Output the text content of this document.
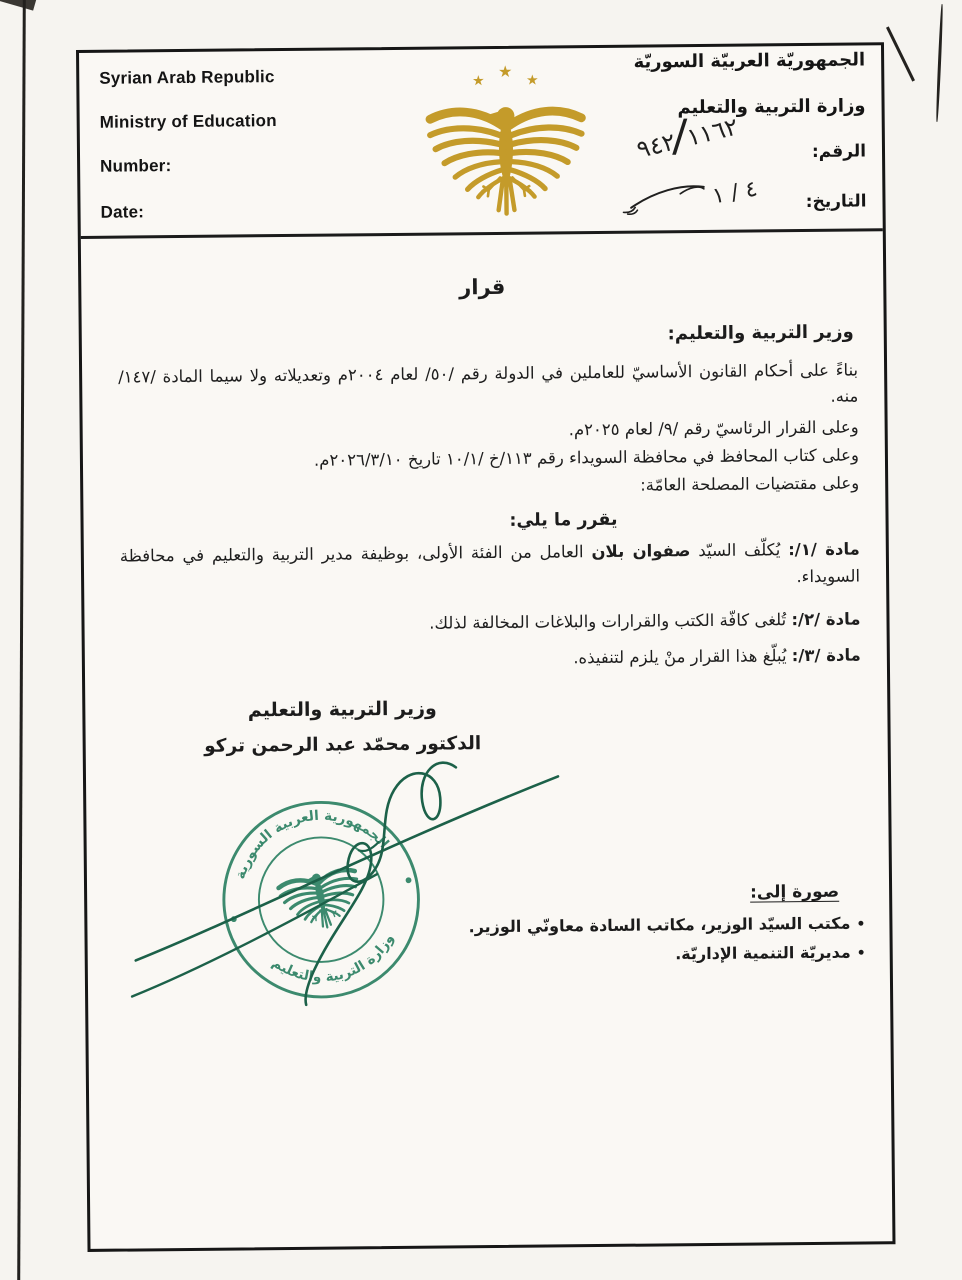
Syrian Arab Republic
Ministry of Education
Number:
Date:
★
★ ★
الجمهوريّة العربيّة السوريّة
وزارة التربية والتعليم
الرقم:
التاريخ:
٩٤٢
/
١١٦٢
٤ / ١
قرار
وزير التربية والتعليم:
بناءً على أحكام القانون الأساسيّ للعاملين في الدولة رقم /٥٠/ لعام ٢٠٠٤م وتعديلاته ولا سيما المادة /١٤٧/ منه.
وعلى القرار الرئاسيّ رقم /٩/ لعام ٢٠٢٥م.
وعلى كتاب المحافظ في محافظة السويداء رقم ١١٣/خ /١٠/١ تاريخ ٢٠٢٦/٣/١٠م.
وعلى مقتضيات المصلحة العامّة:
يقرر ما يلي:
مادة /١/: يُكلّف السيّد صفوان بلان العامل من الفئة الأولى، بوظيفة مدير التربية والتعليم في محافظة السويداء.
مادة /٢/: تُلغى كافّة الكتب والقرارات والبلاغات المخالفة لذلك.
مادة /٣/: يُبلّغ هذا القرار منْ يلزم لتنفيذه.
وزير التربية والتعليم
الدكتور محمّد عبد الرحمن تركو
الجمهورية العربية السورية
وزارة التربية والتعليم
صورة إلى:
•مكتب السيّد الوزير، مكاتب السادة معاونّي الوزير.
•مديريّة التنمية الإداريّة.
